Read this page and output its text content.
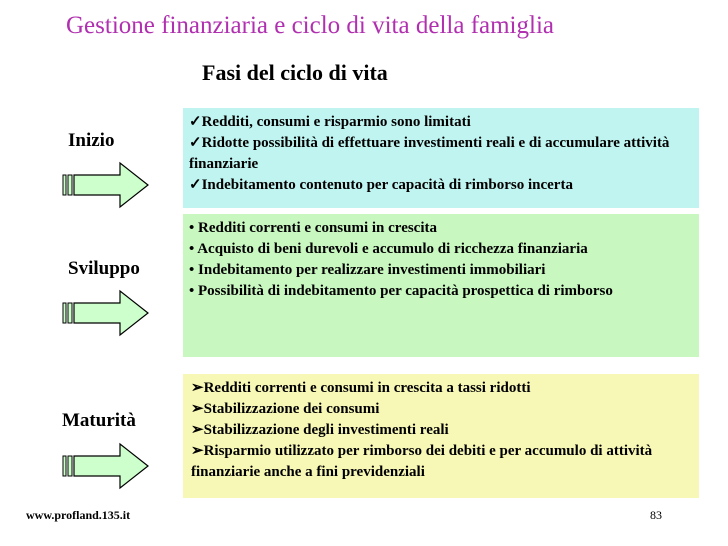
Gestione finanziaria e ciclo di vita della famiglia
Fasi del ciclo di vita
Inizio
✓Redditi, consumi e risparmio sono limitati
✓Ridotte possibilità di effettuare investimenti reali e di accumulare attività finanziarie
✓Indebitamento contenuto per capacità di rimborso incerta
Sviluppo
• Redditi correnti e consumi in crescita
• Acquisto di beni durevoli e accumulo di ricchezza finanziaria
• Indebitamento per realizzare investimenti immobiliari
• Possibilità di indebitamento per capacità prospettica di rimborso
Maturità
➢Redditi correnti e consumi in crescita a tassi ridotti
➢Stabilizzazione dei consumi
➢Stabilizzazione degli investimenti reali
➢Risparmio utilizzato per rimborso dei debiti e per accumulo di attività finanziarie anche a fini previdenziali
www.profland.135.it	83
